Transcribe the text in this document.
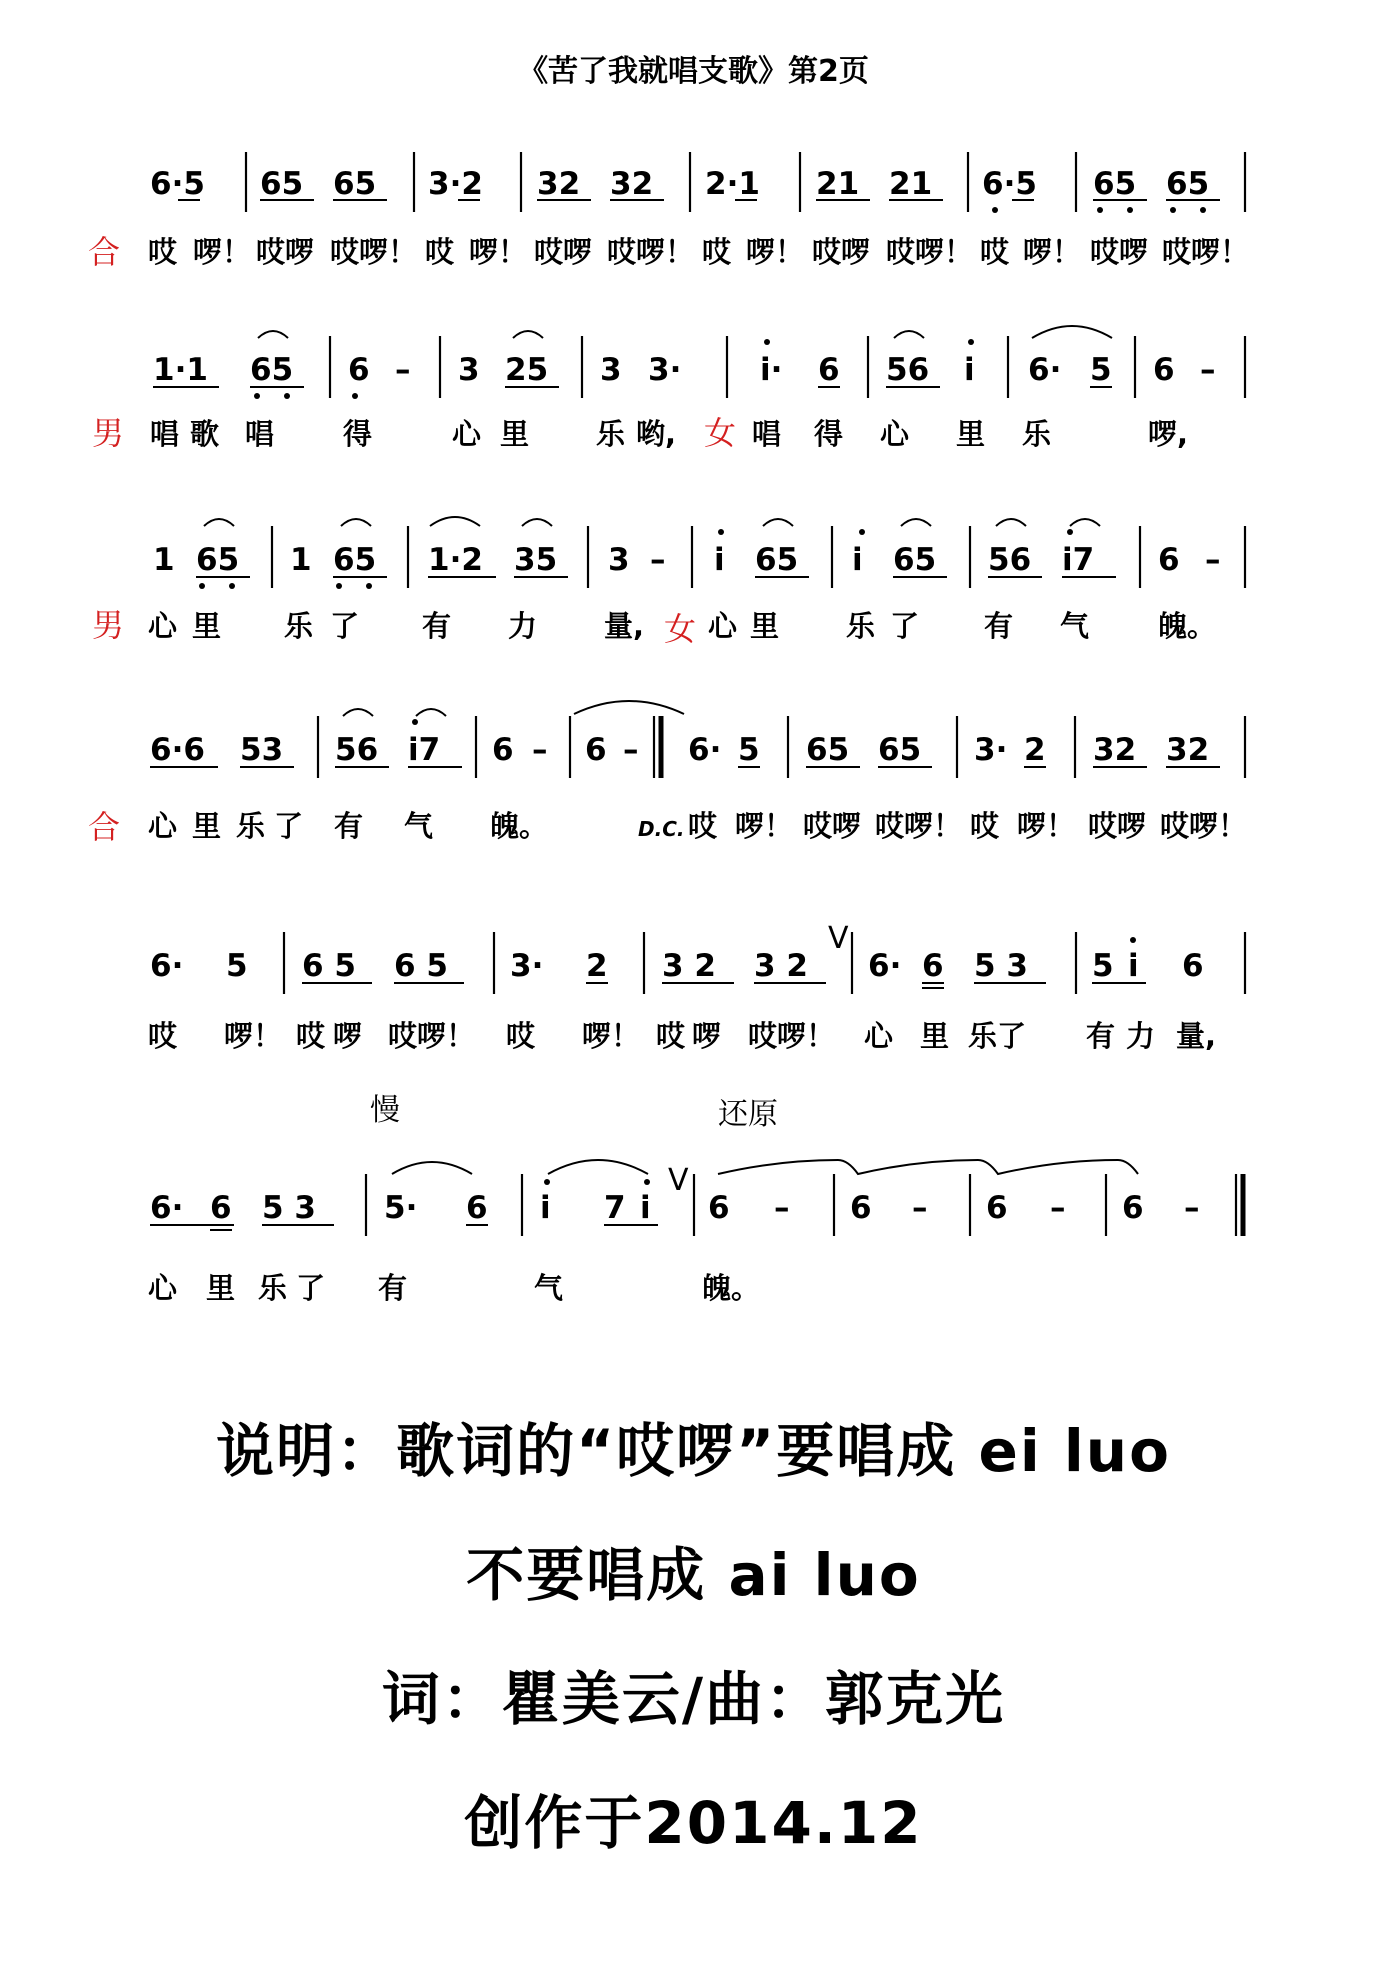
《苦了我就唱支歌》第2页
6·5 65 65 3·2 32 32 2·1 21 21 6·5 65 65
合 哎 啰！ 哎啰 哎啰！ 哎 啰！ 哎啰 哎啰！ 哎 啰！ 哎啰 哎啰！ 哎 啰！ 哎啰 哎啰！
1·1 65 6 – 3 25 3 3·	i· 6 56 i 6· 5 6 –
男 唱 歌 唱 得	心 里 乐 哟, 女 唱 得 心 里 乐	啰,
1 65 1 65 1·2 35 3 – i 65 i 65 56 i7 6 –
男 心 里 乐 了 有 力 量, 女 心 里 乐 了 有 气 魄。
6·6 53 56 i7 6 – 6 – 6· 5 65 65 3· 2 32 32
合 心 里 乐 了 有 气 魄。	D.C. 哎 啰！ 哎啰 哎啰！ 哎 啰！ 哎啰 哎啰！
6· 5 6 5 6 5 3· 2 3 2 3 2
V
6· 6 5 3 5 i 6
哎 啰！ 哎 啰 哎啰！ 哎 啰！ 哎 啰 哎啰！ 心 里 乐了 有 力 量,
慢	还原
6· 6 5 3 5· 6 i 7 i
V
6 – 6 – 6 – 6 –
心 里 乐 了 有	气	魄。
说明：歌词的“哎啰”要唱成 ei luo
不要唱成 ai luo
词：瞿美云/曲：郭克光
创作于2014.12
